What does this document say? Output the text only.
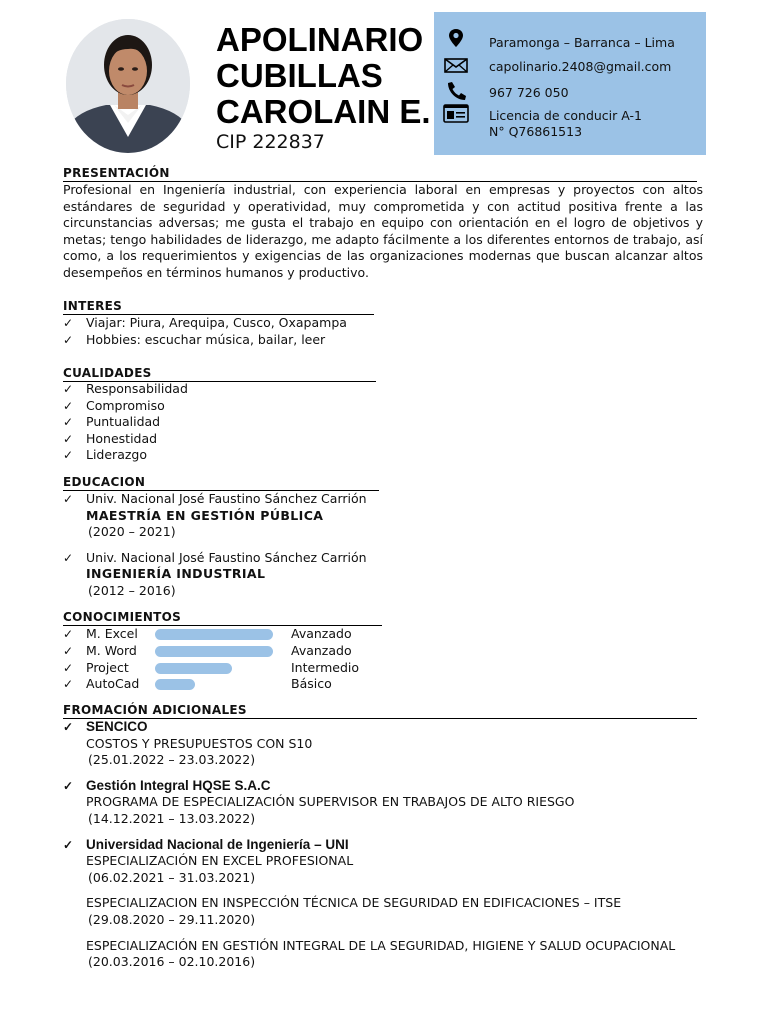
APOLINARIO
CUBILLAS
CAROLAIN E.
CIP 222837
Paramonga – Barranca – Lima
capolinario.2408@gmail.com
967 726 050
Licencia de conducir A-1
N° Q76861513
PRESENTACIÓN
Profesional en Ingeniería industrial, con experiencia laboral en empresas y proyectos con altos estándares de seguridad y operatividad, muy comprometida y con actitud positiva frente a las circunstancias adversas; me gusta el trabajo en equipo con orientación en el logro de objetivos y metas; tengo habilidades de liderazgo, me adapto fácilmente a los diferentes entornos de trabajo, así como, a los requerimientos y exigencias de las organizaciones modernas que buscan alcanzar altos desempeños en términos humanos y productivo.
INTERES
✓ Viajar: Piura, Arequipa, Cusco, Oxapampa
✓ Hobbies: escuchar música, bailar, leer
CUALIDADES
✓ Responsabilidad
✓ Compromiso
✓ Puntualidad
✓ Honestidad
✓ Liderazgo
EDUCACION
✓ Univ. Nacional José Faustino Sánchez Carrión
MAESTRÍA EN GESTIÓN PÚBLICA
(2020 – 2021)
✓ Univ. Nacional José Faustino Sánchez Carrión
INGENIERÍA INDUSTRIAL
(2012 – 2016)
CONOCIMIENTOS
✓ M. Excel	Avanzado
✓ M. Word	Avanzado
✓ Project	Intermedio
✓ AutoCad	Básico
FROMACIÓN ADICIONALES
✓ SENCICO
COSTOS Y PRESUPUESTOS CON S10
(25.01.2022 – 23.03.2022)
✓ Gestión Integral HQSE S.A.C
PROGRAMA DE ESPECIALIZACIÓN SUPERVISOR EN TRABAJOS DE ALTO RIESGO
(14.12.2021 – 13.03.2022)
✓ Universidad Nacional de Ingeniería – UNI
ESPECIALIZACIÓN EN EXCEL PROFESIONAL
(06.02.2021 – 31.03.2021)
ESPECIALIZACION EN INSPECCIÓN TÉCNICA DE SEGURIDAD EN EDIFICACIONES – ITSE
(29.08.2020 – 29.11.2020)
ESPECIALIZACIÓN EN GESTIÓN INTEGRAL DE LA SEGURIDAD, HIGIENE Y SALUD OCUPACIONAL
(20.03.2016 – 02.10.2016)
